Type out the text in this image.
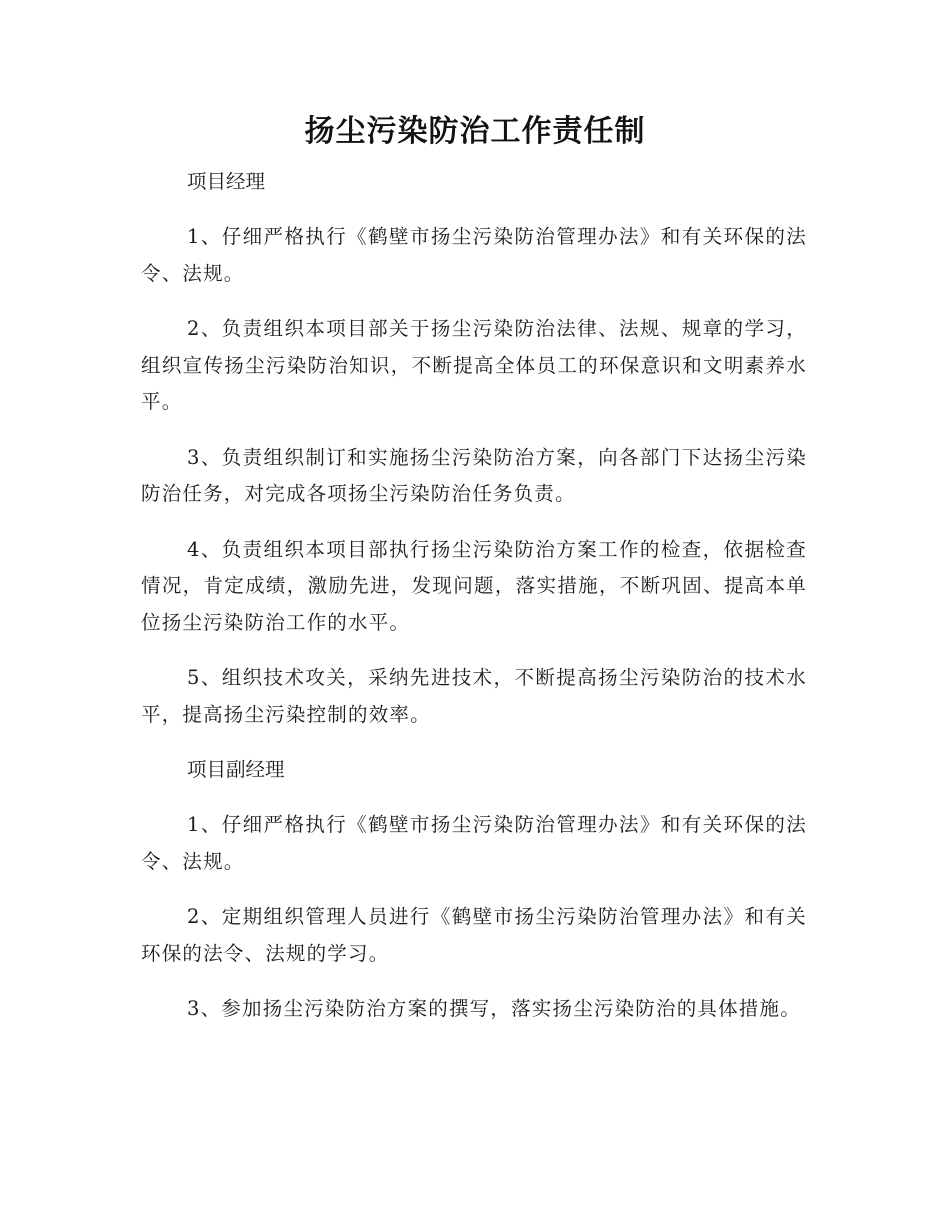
扬尘污染防治工作责任制

项目经理

1、仔细严格执行《鹤壁市扬尘污染防治管理办法》和有关环保的法令、法规。

2、负责组织本项目部关于扬尘污染防治法律、法规、规章的学习，组织宣传扬尘污染防治知识，不断提高全体员工的环保意识和文明素养水平。

3、负责组织制订和实施扬尘污染防治方案，向各部门下达扬尘污染防治任务，对完成各项扬尘污染防治任务负责。

4、负责组织本项目部执行扬尘污染防治方案工作的检查，依据检查情况，肯定成绩，激励先进，发现问题，落实措施，不断巩固、提高本单位扬尘污染防治工作的水平。

5、组织技术攻关，采纳先进技术，不断提高扬尘污染防治的技术水平，提高扬尘污染控制的效率。

项目副经理

1、仔细严格执行《鹤壁市扬尘污染防治管理办法》和有关环保的法令、法规。

2、定期组织管理人员进行《鹤壁市扬尘污染防治管理办法》和有关环保的法令、法规的学习。

3、参加扬尘污染防治方案的撰写，落实扬尘污染防治的具体措施。
